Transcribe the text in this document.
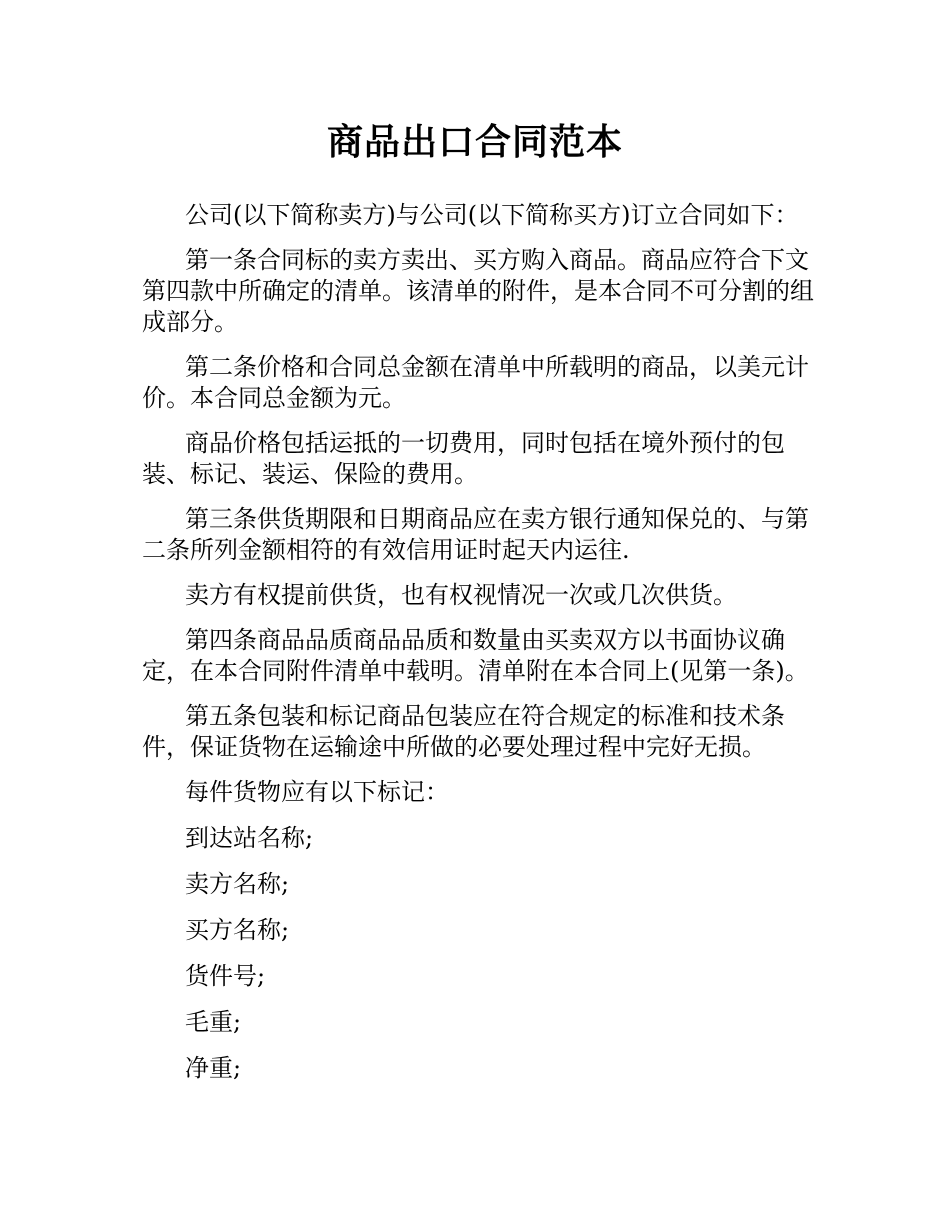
商品出口合同范本

公司(以下简称卖方)与公司(以下简称买方)订立合同如下：

第一条合同标的卖方卖出、买方购入商品。商品应符合下文第四款中所确定的清单。该清单的附件，是本合同不可分割的组成部分。

第二条价格和合同总金额在清单中所载明的商品，以美元计价。本合同总金额为元。

商品价格包括运抵的一切费用，同时包括在境外预付的包装、标记、装运、保险的费用。

第三条供货期限和日期商品应在卖方银行通知保兑的、与第二条所列金额相符的有效信用证时起天内运往.

卖方有权提前供货，也有权视情况一次或几次供货。

第四条商品品质商品品质和数量由买卖双方以书面协议确定，在本合同附件清单中载明。清单附在本合同上(见第一条)。

第五条包装和标记商品包装应在符合规定的标准和技术条件，保证货物在运输途中所做的必要处理过程中完好无损。

每件货物应有以下标记：

到达站名称;

卖方名称;

买方名称;

货件号;

毛重;

净重;
